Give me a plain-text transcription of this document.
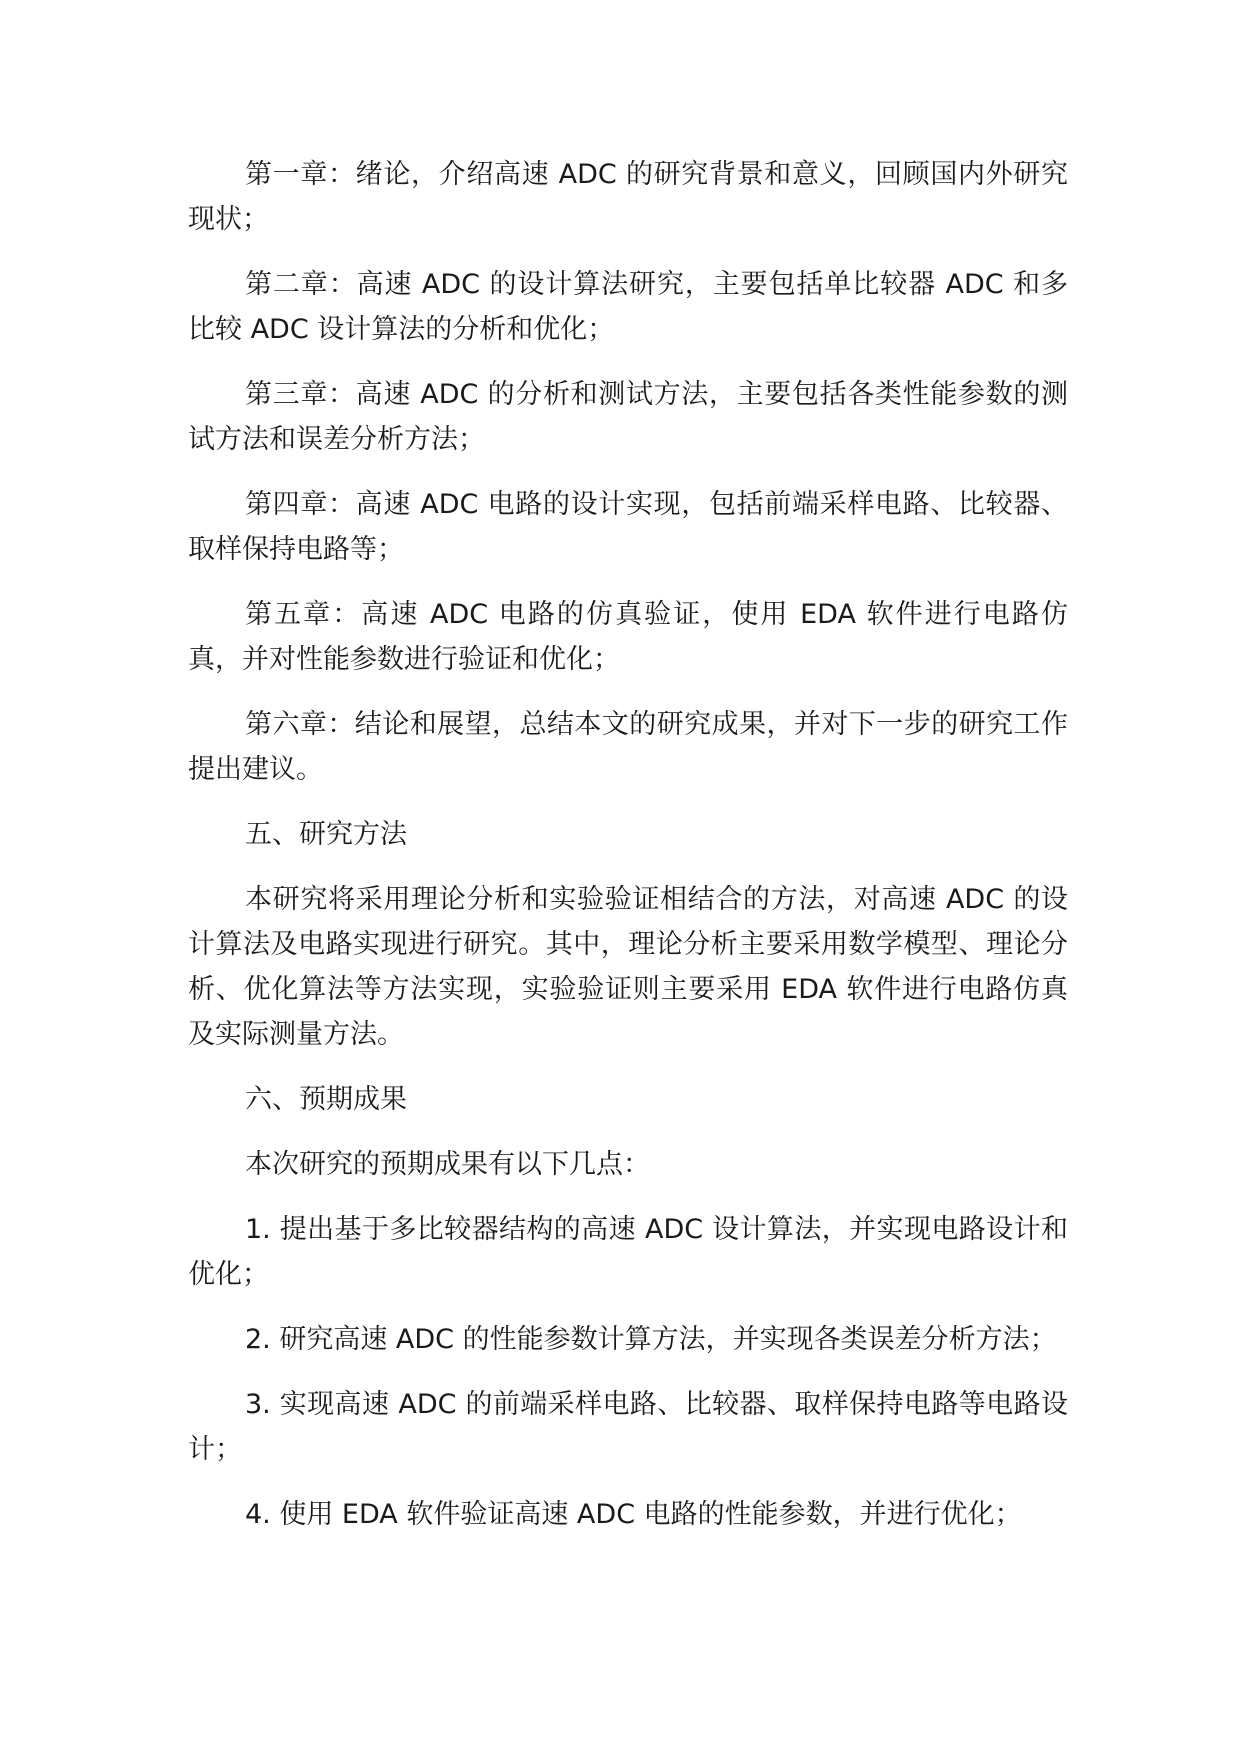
第一章：绪论，介绍高速 ADC 的研究背景和意义，回顾国内外研究现状；

第二章：高速 ADC 的设计算法研究，主要包括单比较器 ADC 和多比较 ADC 设计算法的分析和优化；

第三章：高速 ADC 的分析和测试方法，主要包括各类性能参数的测试方法和误差分析方法；

第四章：高速 ADC 电路的设计实现，包括前端采样电路、比较器、取样保持电路等；

第五章：高速 ADC 电路的仿真验证，使用 EDA 软件进行电路仿真，并对性能参数进行验证和优化；

第六章：结论和展望，总结本文的研究成果，并对下一步的研究工作提出建议。

五、研究方法

本研究将采用理论分析和实验验证相结合的方法，对高速 ADC 的设计算法及电路实现进行研究。其中，理论分析主要采用数学模型、理论分析、优化算法等方法实现，实验验证则主要采用 EDA 软件进行电路仿真及实际测量方法。

六、预期成果

本次研究的预期成果有以下几点：

1. 提出基于多比较器结构的高速 ADC 设计算法，并实现电路设计和优化；

2. 研究高速 ADC 的性能参数计算方法，并实现各类误差分析方法；

3. 实现高速 ADC 的前端采样电路、比较器、取样保持电路等电路设计；

4. 使用 EDA 软件验证高速 ADC 电路的性能参数，并进行优化；
